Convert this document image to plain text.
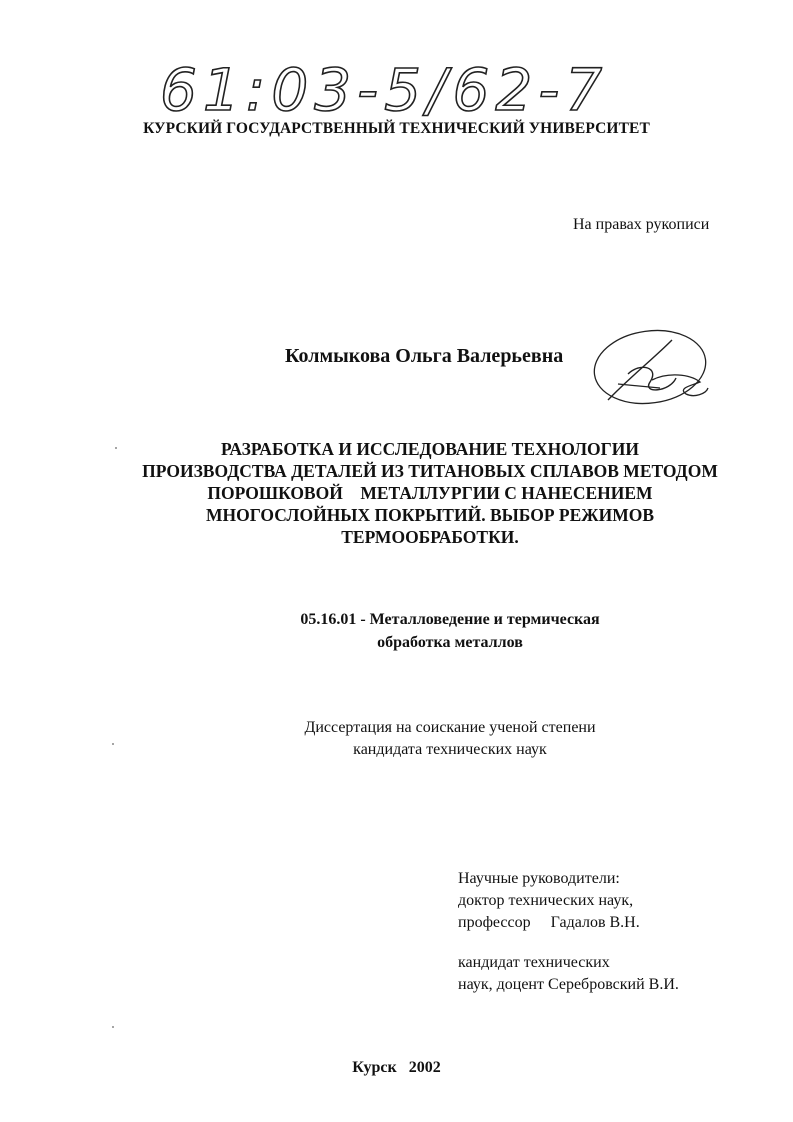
61:03-5/62-7
КУРСКИЙ ГОСУДАРСТВЕННЫЙ ТЕХНИЧЕСКИЙ УНИВЕРСИТЕТ
На правах рукописи
Колмыкова Ольга Валерьевна
РАЗРАБОТКА И ИССЛЕДОВАНИЕ ТЕХНОЛОГИИ
ПРОИЗВОДСТВА ДЕТАЛЕЙ ИЗ ТИТАНОВЫХ СПЛАВОВ МЕТОДОМ
ПОРОШКОВОЙ    МЕТАЛЛУРГИИ С НАНЕСЕНИЕМ
МНОГОСЛОЙНЫХ ПОКРЫТИЙ. ВЫБОР РЕЖИМОВ
ТЕРМООБРАБОТКИ.
05.16.01 - Металловедение и термическая
обработка металлов
Диссертация на соискание ученой степени
кандидата технических наук
Научные руководители:
доктор технических наук,
профессор     Гадалов В.Н.
кандидат технических
наук, доцент Серебровский В.И.
Курск   2002
